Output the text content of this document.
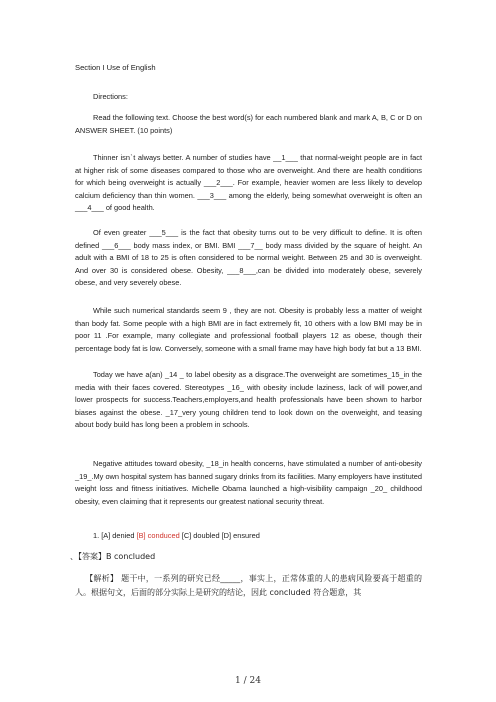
Section I Use of English
Directions:
Read the following text. Choose the best word(s) for each numbered blank and mark A, B, C or D on ANSWER SHEET. (10 points)
Thinner isnˋt always better. A number of studies have __1___ that normal-weight people are in fact at higher risk of some diseases compared to those who are overweight. And there are health conditions for which being overweight is actually ___2___. For example, heavier women are less likely to develop calcium deficiency than thin women. ___3___ among the elderly, being somewhat overweight is often an ___4___ of good health.
Of even greater ___5___ is the fact that obesity turns out to be very difficult to define. It is often defined ___6___ body mass index, or BMI. BMI ___7__ body mass divided by the square of height. An adult with a BMI of 18 to 25 is often considered to be normal weight. Between 25 and 30 is overweight. And over 30 is considered obese. Obesity, ___8___,can be divided into moderately obese, severely obese, and very severely obese.
While such numerical standards seem 9 , they are not. Obesity is probably less a matter of weight than body fat. Some people with a high BMI are in fact extremely fit, 10 others with a low BMI may be in poor 11 .For example, many collegiate and professional football players 12 as obese, though their percentage body fat is low. Conversely, someone with a small frame may have high body fat but a 13 BMI.
Today we have a(an) _14 _ to label obesity as a disgrace.The overweight are sometimes_15_in the media with their faces covered. Stereotypes _16_ with obesity include laziness, lack of will power,and lower prospects for success.Teachers,employers,and health professionals have been shown to harbor biases against the obese. _17_very young children tend to look down on the overweight, and teasing about body build has long been a problem in schools.
Negative attitudes toward obesity, _18_in health concerns, have stimulated a number of anti-obesity _19_.My own hospital system has banned sugary drinks from its facilities. Many employers have instituted weight loss and fitness initiatives. Michelle Obama launched a high-visibility campaign _20_ childhood obesity, even claiming that it represents our greatest national security threat.
1. [A] denied [B] conduced [C] doubled [D] ensured
、【答案】B concluded
【解析】 题干中，一系列的研究已经_____，事实上，正常体重的人的患病风险要高于超重的人。根据句文，后面的部分实际上是研究的结论，因此 concluded 符合题意，其
1 / 24
